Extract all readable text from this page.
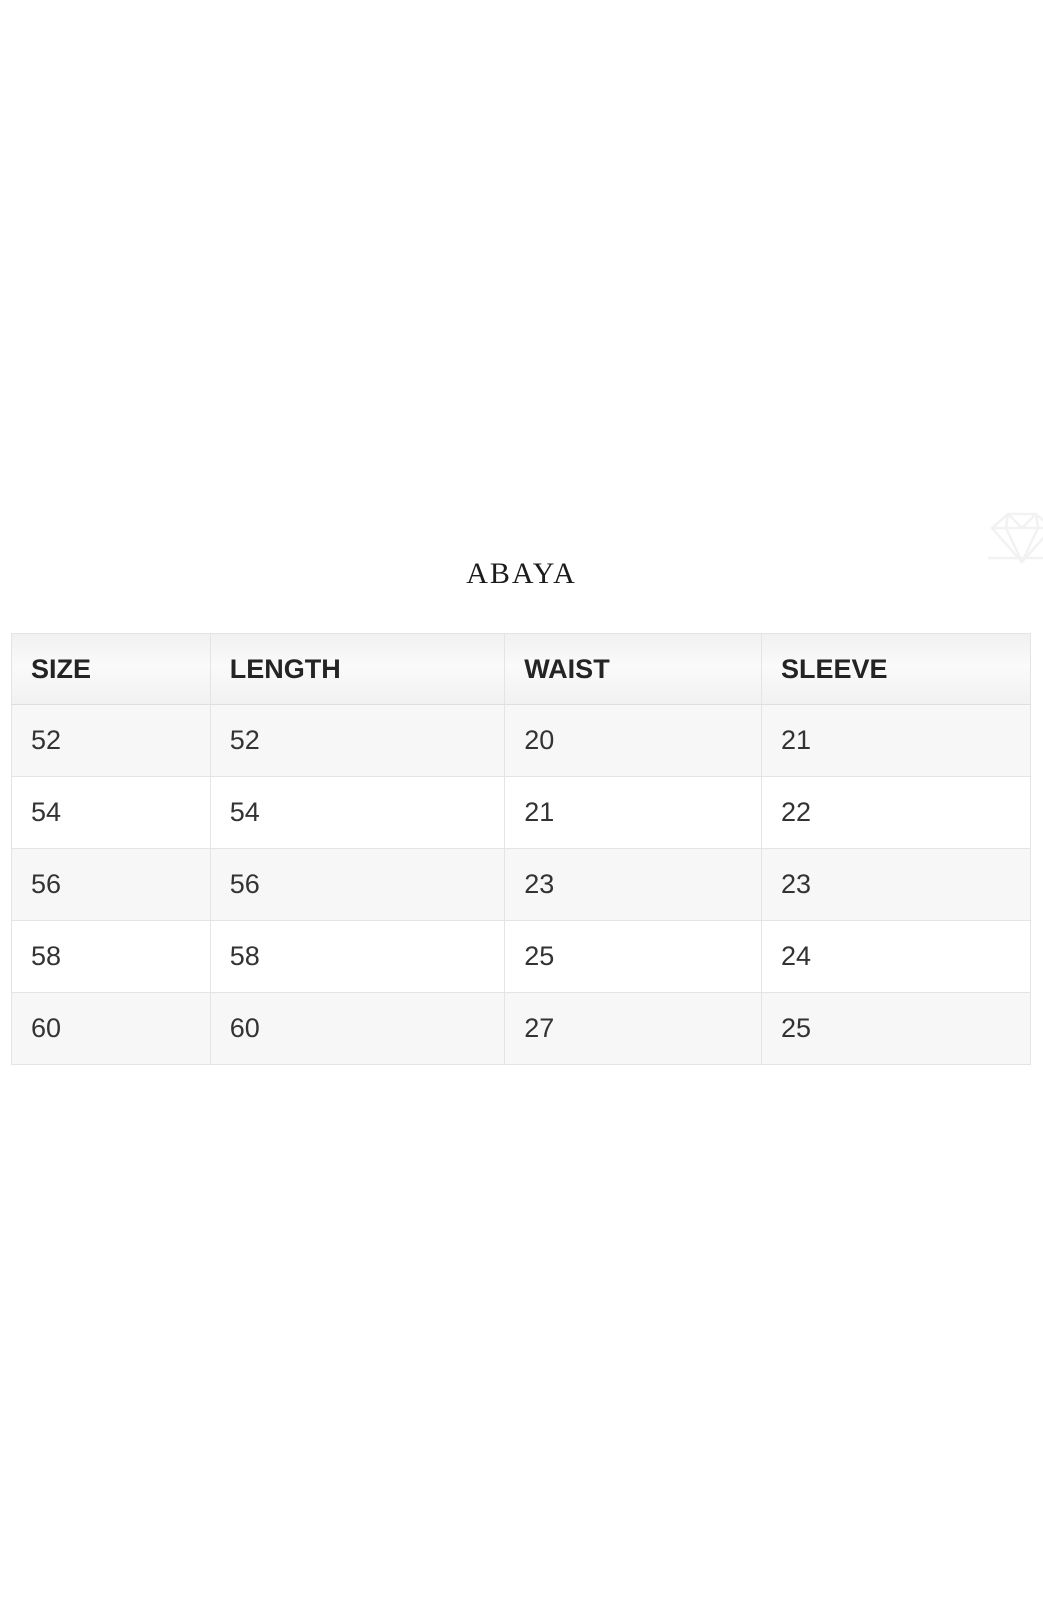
ABAYA
SIZE	LENGTH	WAIST	SLEEVE
52	52	20	21
54	54	21	22
56	56	23	23
58	58	25	24
60	60	27	25
